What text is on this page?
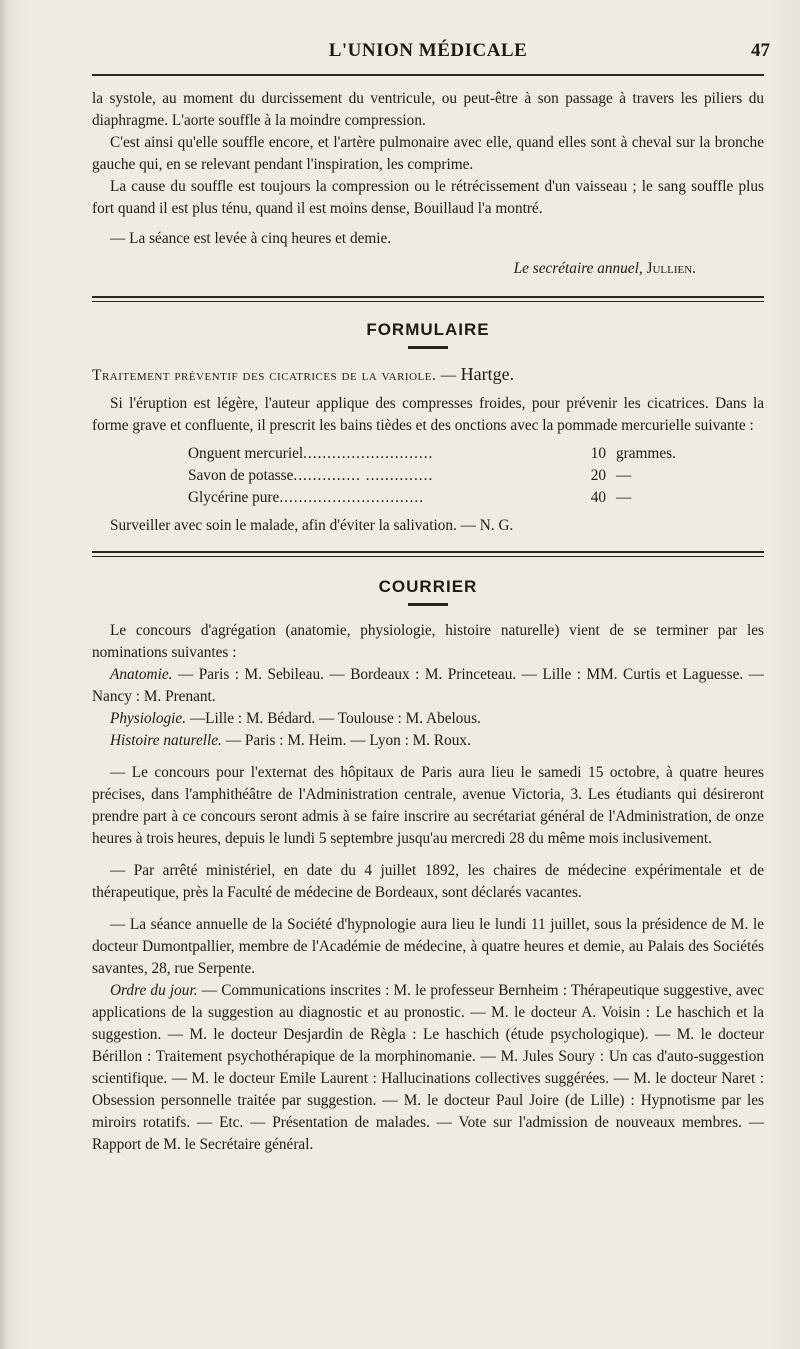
L'UNION MÉDICALE	47

la systole, au moment du durcissement du ventricule, ou peut-être à son passage à travers les piliers du diaphragme. L'aorte souffle à la moindre compression.

C'est ainsi qu'elle souffle encore, et l'artère pulmonaire avec elle, quand elles sont à cheval sur la bronche gauche qui, en se relevant pendant l'inspiration, les comprime.

La cause du souffle est toujours la compression ou le rétrécissement d'un vaisseau ; le sang souffle plus fort quand il est plus ténu, quand il est moins dense, Bouillaud l'a montré.

— La séance est levée à cinq heures et demie.

Le secrétaire annuel, Jullien.
FORMULAIRE
Traitement préventif des cicatrices de la variole. — Hartge.

Si l'éruption est légère, l'auteur applique des compresses froides, pour prévenir les cicatrices. Dans la forme grave et confluente, il prescrit les bains tièdes et des onctions avec la pommade mercurielle suivante :

Onguent mercuriel ...........................	10 grammes.
Savon de potasse .............. ..............	20 —
Glycérine pure ..............................	40 —

Surveiller avec soin le malade, afin d'éviter la salivation. — N. G.

COURRIER

Le concours d'agrégation (anatomie, physiologie, histoire naturelle) vient de se terminer par les nominations suivantes :

Anatomie. — Paris : M. Sebileau. — Bordeaux : M. Princeteau. — Lille : MM. Curtis et Laguesse. — Nancy : M. Prenant.

Physiologie. —Lille : M. Bédard. — Toulouse : M. Abelous.

Histoire naturelle. — Paris : M. Heim. — Lyon : M. Roux.

— Le concours pour l'externat des hôpitaux de Paris aura lieu le samedi 15 octobre, à quatre heures précises, dans l'amphithéâtre de l'Administration centrale, avenue Victoria, 3. Les étudiants qui désireront prendre part à ce concours seront admis à se faire inscrire au secrétariat général de l'Administration, de onze heures à trois heures, depuis le lundi 5 septembre jusqu'au mercredi 28 du même mois inclusivement.

— Par arrêté ministériel, en date du 4 juillet 1892, les chaires de médecine expérimentale et de thérapeutique, près la Faculté de médecine de Bordeaux, sont déclarés vacantes.

— La séance annuelle de la Société d'hypnologie aura lieu le lundi 11 juillet, sous la présidence de M. le docteur Dumontpallier, membre de l'Académie de médecine, à quatre heures et demie, au Palais des Sociétés savantes, 28, rue Serpente.

Ordre du jour. — Communications inscrites : M. le professeur Bernheim : Thérapeutique suggestive, avec applications de la suggestion au diagnostic et au pronostic. — M. le docteur A. Voisin : Le haschich et la suggestion. — M. le docteur Desjardin de Règla : Le haschich (étude psychologique). — M. le docteur Bérillon : Traitement psychothérapique de la morphinomanie. — M. Jules Soury : Un cas d'auto-suggestion scientifique. — M. le docteur Emile Laurent : Hallucinations collectives suggérées. — M. le docteur Naret : Obsession personnelle traitée par suggestion. — M. le docteur Paul Joire (de Lille) : Hypnotisme par les miroirs rotatifs. — Etc. — Présentation de malades. — Vote sur l'admission de nouveaux membres. — Rapport de M. le Secrétaire général.
